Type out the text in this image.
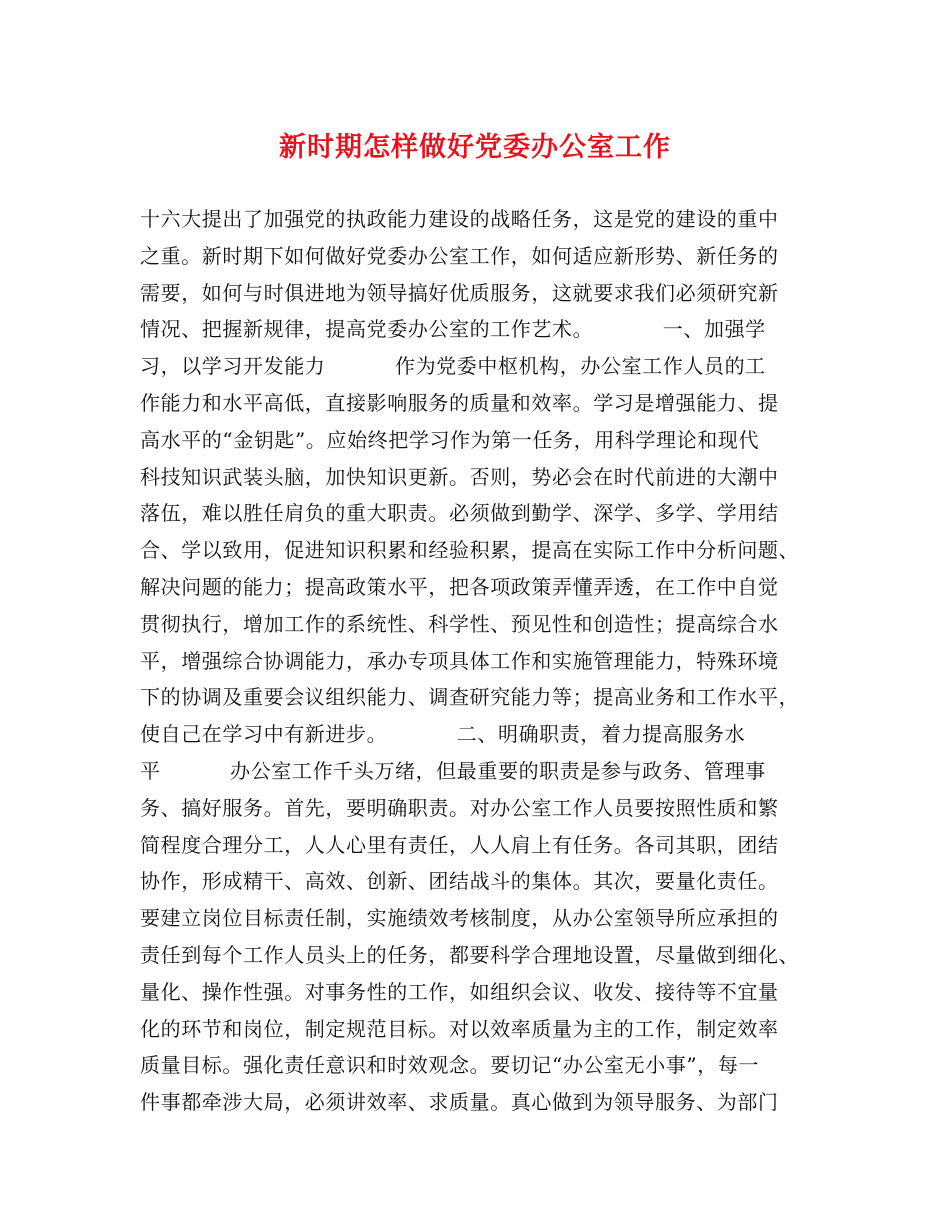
新时期怎样做好党委办公室工作
十六大提出了加强党的执政能力建设的战略任务，这是党的建设的重中
之重。新时期下如何做好党委办公室工作，如何适应新形势、新任务的
需要，如何与时俱进地为领导搞好优质服务，这就要求我们必须研究新
情况、把握新规律，提高党委办公室的工作艺术。          一、加强学
习，以学习开发能力          作为党委中枢机构，办公室工作人员的工
作能力和水平高低，直接影响服务的质量和效率。学习是增强能力、提
高水平的“金钥匙”。应始终把学习作为第一任务，用科学理论和现代
科技知识武装头脑，加快知识更新。否则，势必会在时代前进的大潮中
落伍，难以胜任肩负的重大职责。必须做到勤学、深学、多学、学用结
合、学以致用，促进知识积累和经验积累，提高在实际工作中分析问题、
解决问题的能力；提高政策水平，把各项政策弄懂弄透，在工作中自觉
贯彻执行，增加工作的系统性、科学性、预见性和创造性；提高综合水
平，增强综合协调能力，承办专项具体工作和实施管理能力，特殊环境
下的协调及重要会议组织能力、调查研究能力等；提高业务和工作水平，
使自己在学习中有新进步。          二、明确职责，着力提高服务水
平          办公室工作千头万绪，但最重要的职责是参与政务、管理事
务、搞好服务。首先，要明确职责。对办公室工作人员要按照性质和繁
简程度合理分工，人人心里有责任，人人肩上有任务。各司其职，团结
协作，形成精干、高效、创新、团结战斗的集体。其次，要量化责任。
要建立岗位目标责任制，实施绩效考核制度，从办公室领导所应承担的
责任到每个工作人员头上的任务，都要科学合理地设置，尽量做到细化、
量化、操作性强。对事务性的工作，如组织会议、收发、接待等不宜量
化的环节和岗位，制定规范目标。对以效率质量为主的工作，制定效率
质量目标。强化责任意识和时效观念。要切记“办公室无小事”，每一
件事都牵涉大局，必须讲效率、求质量。真心做到为领导服务、为部门
